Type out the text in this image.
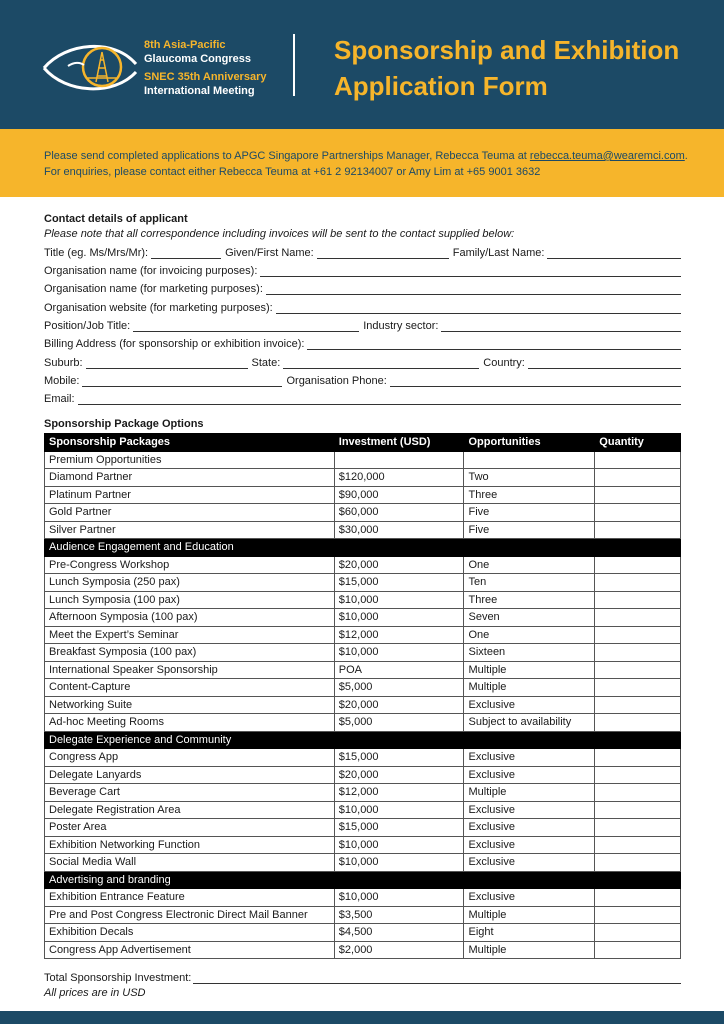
8th Asia-Pacific
Glaucoma Congress
SNEC 35th Anniversary
International Meeting
Sponsorship and Exhibition
Application Form
Please send completed applications to APGC Singapore Partnerships Manager, Rebecca Teuma at rebecca.teuma@wearemci.com.
For enquiries, please contact either Rebecca Teuma at +61 2 92134007 or Amy Lim at +65 9001 3632
Contact details of applicant
Please note that all correspondence including invoices will be sent to the contact supplied below:
Title (eg. Ms/Mrs/Mr):	Given/First Name:	Family/Last Name:
Organisation name (for invoicing purposes):
Organisation name (for marketing purposes):
Organisation website (for marketing purposes):
Position/Job Title:	Industry sector:
Billing Address (for sponsorship or exhibition invoice):
Suburb:	State:	Country:
Mobile:	Organisation Phone:
Email:
Sponsorship Package Options
Sponsorship Packages	Investment (USD)	Opportunities	Quantity
Premium Opportunities			
Diamond Partner	$120,000	Two	
Platinum Partner	$90,000	Three	
Gold Partner	$60,000	Five	
Silver Partner	$30,000	Five	
Audience Engagement and Education			
Pre-Congress Workshop	$20,000	One	
Lunch Symposia (250 pax)	$15,000	Ten	
Lunch Symposia (100 pax)	$10,000	Three	
Afternoon Symposia (100 pax)	$10,000	Seven	
Meet the Expert’s Seminar	$12,000	One	
Breakfast Symposia (100 pax)	$10,000	Sixteen	
International Speaker Sponsorship	POA	Multiple	
Content-Capture	$5,000	Multiple	
Networking Suite	$20,000	Exclusive	
Ad-hoc Meeting Rooms	$5,000	Subject to availability	
Delegate Experience and Community			
Congress App	$15,000	Exclusive	
Delegate Lanyards	$20,000	Exclusive	
Beverage Cart	$12,000	Multiple	
Delegate Registration Area	$10,000	Exclusive	
Poster Area	$15,000	Exclusive	
Exhibition Networking Function	$10,000	Exclusive	
Social Media Wall	$10,000	Exclusive	
Advertising and branding			
Exhibition Entrance Feature	$10,000	Exclusive	
Pre and Post Congress Electronic Direct Mail Banner	$3,500	Multiple	
Exhibition Decals	$4,500	Eight	
Congress App Advertisement	$2,000	Multiple	
Total Sponsorship Investment:
All prices are in USD
